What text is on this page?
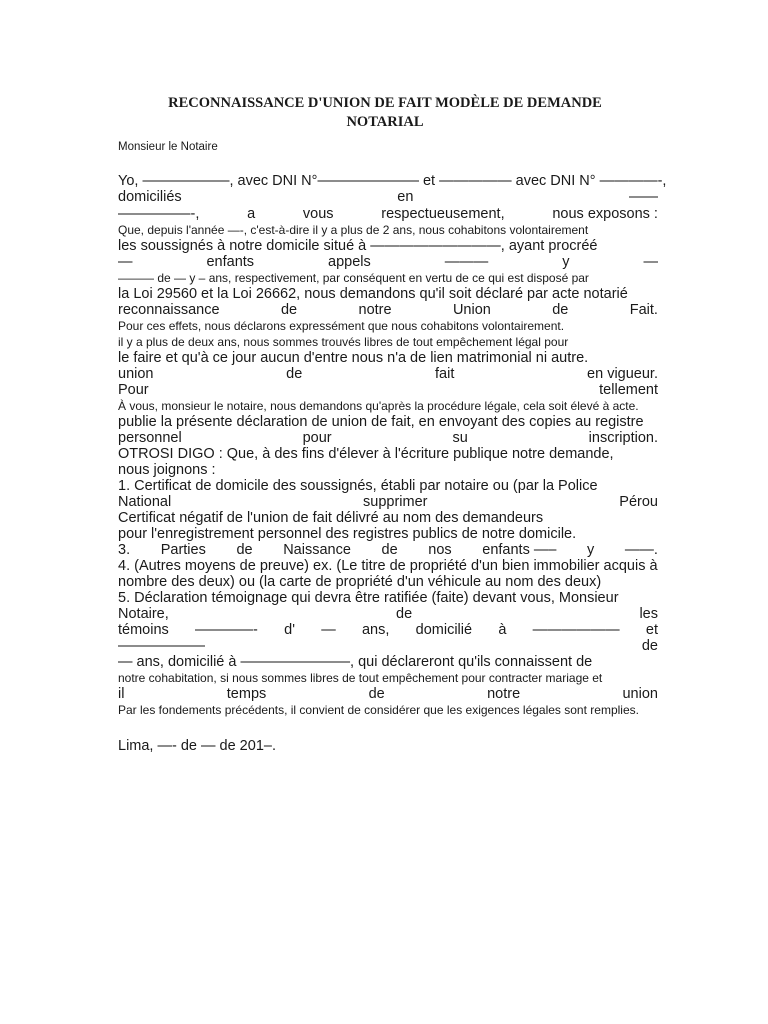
RECONNAISSANCE D'UNION DE FAIT MODÈLE DE DEMANDE
NOTARIAL
Monsieur le Notaire
Yo, ——————, avec DNI N°——————— et ————— avec DNI N° ————-,
domiciliés	en	——
—————-,	a	vous	respectueusement,	nous exposons :
Que, depuis l'année —-, c'est-à-dire il y a plus de 2 ans, nous cohabitons volontairement
les soussignés à notre domicile situé à —————————, ayant procréé
—	enfants	appels	———	y	—
——— de — y – ans, respectivement, par conséquent en vertu de ce qui est disposé par
la Loi 29560 et la Loi 26662, nous demandons qu'il soit déclaré par acte notarié
reconnaissance	de	notre	Union	de	Fait.
Pour ces effets, nous déclarons expressément que nous cohabitons volontairement.
il y a plus de deux ans, nous sommes trouvés libres de tout empêchement légal pour
le faire et qu'à ce jour aucun d'entre nous n'a de lien matrimonial ni autre.
union	de	fait	en vigueur.
Pour	tellement
À vous, monsieur le notaire, nous demandons qu'après la procédure légale, cela soit élevé à acte.
publie la présente déclaration de union de fait, en envoyant des copies au registre
personnel	pour	su	inscription.
OTROSI DIGO : Que, à des fins d'élever à l'écriture publique notre demande,
nous joignons :
1. Certificat de domicile des soussignés, établi par notaire ou (par la Police
National	supprimer	Pérou
Certificat négatif de l'union de fait délivré au nom des demandeurs
pour l'enregistrement personnel des registres publics de notre domicile.
3. Parties de Naissance de nos enfants —– y ——.
4. (Autres moyens de preuve) ex. (Le titre de propriété d'un bien immobilier acquis à
nombre des deux) ou (la carte de propriété d'un véhicule au nom des deux)
5. Déclaration témoignage qui devra être ratifiée (faite) devant vous, Monsieur
Notaire,	de	les
témoins ————- d' — ans, domicilié à —————— et
——————	de
— ans, domicilié à ———————–, qui déclareront qu'ils connaissent de
notre cohabitation, si nous sommes libres de tout empêchement pour contracter mariage et
il	temps	de	notre	union
Par les fondements précédents, il convient de considérer que les exigences légales sont remplies.
Lima, —- de — de 201–.
